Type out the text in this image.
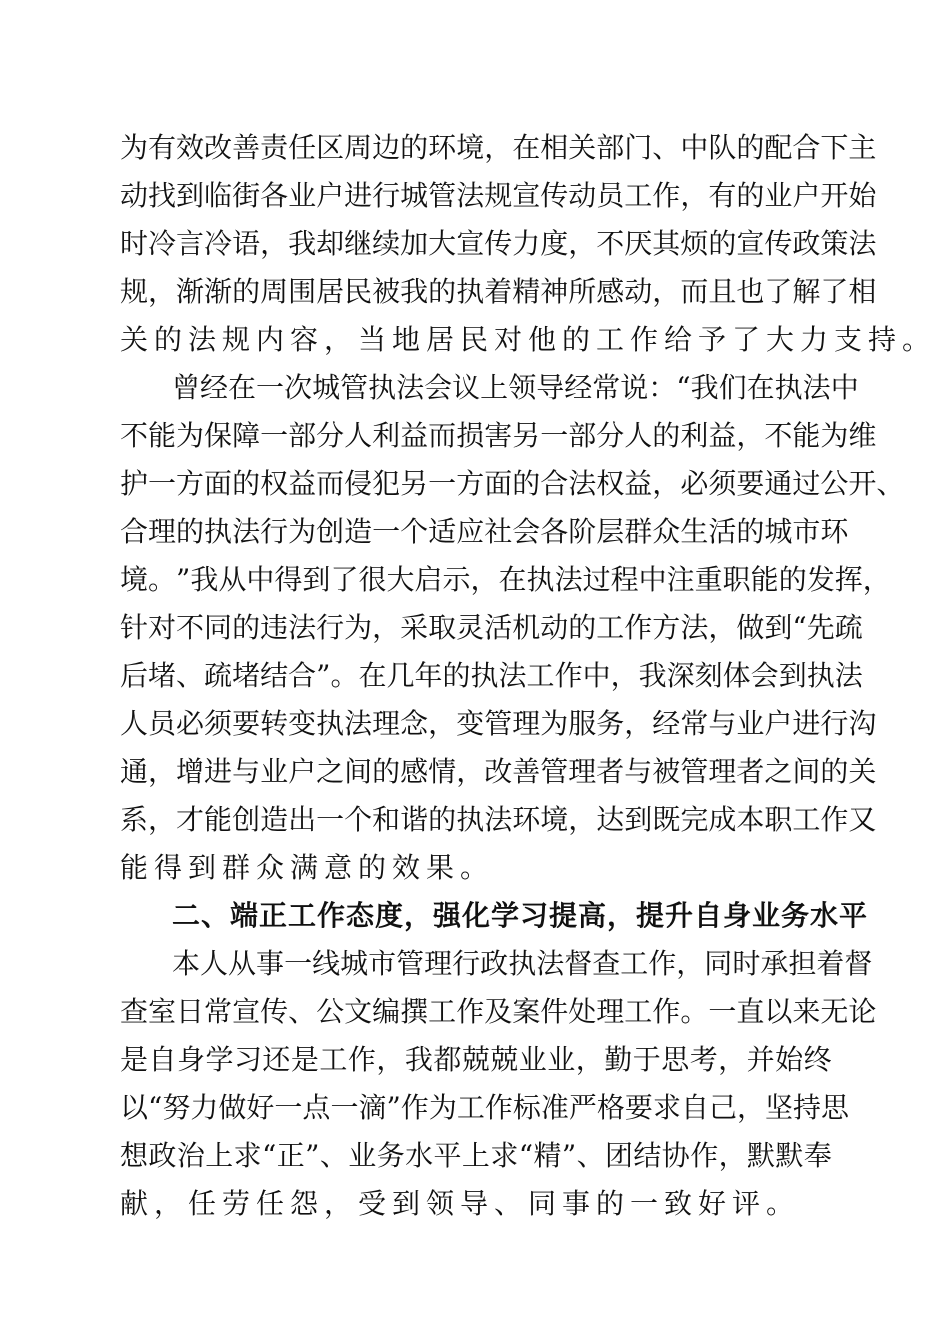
为 有 效 改 善 责 任 区 周 边 的 环 境 ， 在 相 关 部 门 、 中 队 的 配 合 下 主
动 找 到 临 街 各 业 户 进 行 城 管 法 规 宣 传 动 员 工 作 ， 有 的 业 户 开 始
时 冷 言 冷 语 ， 我 却 继 续 加 大 宣 传 力 度 ， 不 厌 其 烦 的 宣 传 政 策 法
规 ， 渐 渐 的 周 围 居 民 被 我 的 执 着 精 神 所 感 动 ， 而 且 也 了 解 了 相
关的法规内容，当地居民对他的工作给予了大力支持。
曾 经 在 一 次 城 管 执 法 会 议 上 领 导 经 常 说 ： “ 我 们 在 执 法 中
不 能 为 保 障 一 部 分 人 利 益 而 损 害 另 一 部 分 人 的 利 益 ， 不 能 为 维
护 一 方 面 的 权 益 而 侵 犯 另 一 方 面 的 合 法 权 益 ， 必 须 要 通 过 公 开 、
合 理 的 执 法 行 为 创 造 一 个 适 应 社 会 各 阶 层 群 众 生 活 的 城 市 环
境 。 ” 我 从 中 得 到 了 很 大 启 示 ， 在 执 法 过 程 中 注 重 职 能 的 发 挥 ，
针 对 不 同 的 违 法 行 为 ， 采 取 灵 活 机 动 的 工 作 方 法 ， 做 到 “ 先 疏
后 堵 、 疏 堵 结 合 ” 。 在 几 年 的 执 法 工 作 中 ， 我 深 刻 体 会 到 执 法
人 员 必 须 要 转 变 执 法 理 念 ， 变 管 理 为 服 务 ， 经 常 与 业 户 进 行 沟
通 ， 增 进 与 业 户 之 间 的 感 情 ， 改 善 管 理 者 与 被 管 理 者 之 间 的 关
系 ， 才 能 创 造 出 一 个 和 谐 的 执 法 环 境 ， 达 到 既 完 成 本 职 工 作 又
能得到群众满意的效果。
二、端正工作态度，强化学习提高，提升自身业务水平
本 人 从 事 一 线 城 市 管 理 行 政 执 法 督 查 工 作 ， 同 时 承 担 着 督
查 室 日 常 宣 传 、 公 文 编 撰 工 作 及 案 件 处 理 工 作 。 一 直 以 来 无 论
是 自 身 学 习 还 是 工 作 ， 我 都 兢 兢 业 业 ， 勤 于 思 考 ， 并 始 终
以 “ 努 力 做 好 一 点 一 滴 ” 作 为 工 作 标 准 严 格 要 求 自 己 ， 坚 持 思
想 政 治 上 求 “ 正 ” 、 业 务 水 平 上 求 “ 精 ” 、 团 结 协 作 ， 默 默 奉
献，任劳任怨，受到领导、同事的一致好评。
